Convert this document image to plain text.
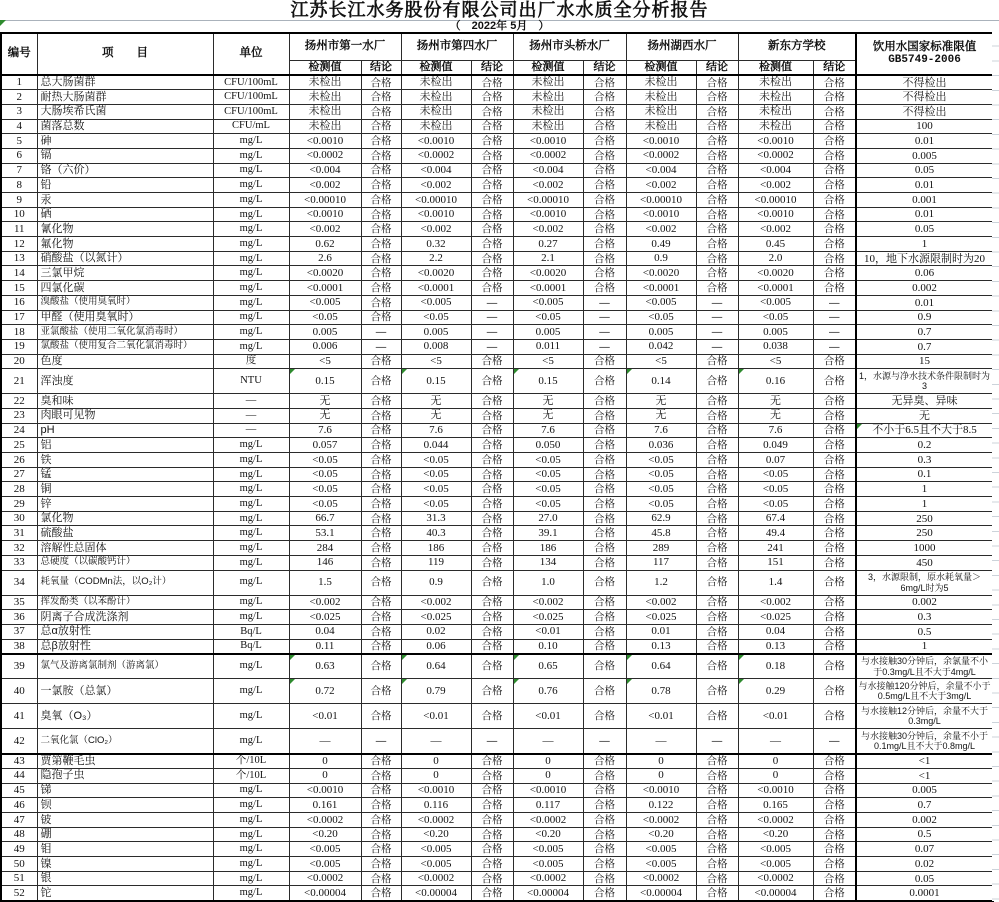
江苏长江水务股份有限公司出厂水水质全分析报告
（　2022年 5月　）
编号	项　　目	单位	扬州市第一水厂		扬州市第四水厂		扬州市头桥水厂		扬州湖西水厂		新东方学校		饮用水国家标准限值
GB5749-2006

			检测值	结论	检测值	结论	检测值	结论	检测值	结论	检测值	结论	
1	总大肠菌群	CFU/100mL	未检出	合格	未检出	合格	未检出	合格	未检出	合格	未检出	合格	不得检出
2	耐热大肠菌群	CFU/100mL	未检出	合格	未检出	合格	未检出	合格	未检出	合格	未检出	合格	不得检出
3	大肠埃希氏菌	CFU/100mL	未检出	合格	未检出	合格	未检出	合格	未检出	合格	未检出	合格	不得检出
4	菌落总数	CFU/mL	未检出	合格	未检出	合格	未检出	合格	未检出	合格	未检出	合格	100
5	砷	mg/L	<0.0010	合格	<0.0010	合格	<0.0010	合格	<0.0010	合格	<0.0010	合格	0.01
6	镉	mg/L	<0.0002	合格	<0.0002	合格	<0.0002	合格	<0.0002	合格	<0.0002	合格	0.005
7	铬（六价）	mg/L	<0.004	合格	<0.004	合格	<0.004	合格	<0.004	合格	<0.004	合格	0.05
8	铅	mg/L	<0.002	合格	<0.002	合格	<0.002	合格	<0.002	合格	<0.002	合格	0.01
9	汞	mg/L	<0.00010	合格	<0.00010	合格	<0.00010	合格	<0.00010	合格	<0.00010	合格	0.001
10	硒	mg/L	<0.0010	合格	<0.0010	合格	<0.0010	合格	<0.0010	合格	<0.0010	合格	0.01
11	氰化物	mg/L	<0.002	合格	<0.002	合格	<0.002	合格	<0.002	合格	<0.002	合格	0.05
12	氟化物	mg/L	0.62	合格	0.32	合格	0.27	合格	0.49	合格	0.45	合格	1
13	硝酸盐（以氮计）	mg/L	2.6	合格	2.2	合格	2.1	合格	0.9	合格	2.0	合格	10，地下水源限制时为20
14	三氯甲烷	mg/L	<0.0020	合格	<0.0020	合格	<0.0020	合格	<0.0020	合格	<0.0020	合格	0.06
15	四氯化碳	mg/L	<0.0001	合格	<0.0001	合格	<0.0001	合格	<0.0001	合格	<0.0001	合格	0.002
16	溴酸盐（使用臭氧时）	mg/L	<0.005	合格	<0.005	—	<0.005	—	<0.005	—	<0.005	—	0.01
17	甲醛（使用臭氧时）	mg/L	<0.05	合格	<0.05	—	<0.05	—	<0.05	—	<0.05	—	0.9
18	亚氯酸盐（使用二氧化氯消毒时）	mg/L	0.005	—	0.005	—	0.005	—	0.005	—	0.005	—	0.7
19	氯酸盐（使用复合二氧化氯消毒时）	mg/L	0.006	—	0.008	—	0.011	—	0.042	—	0.038	—	0.7
20	色度	度	<5	合格	<5	合格	<5	合格	<5	合格	<5	合格	15
21	浑浊度	NTU	0.15	合格	0.15	合格	0.15	合格	0.14	合格	0.16	合格	1，水源与净水技术条件限制时为3
22	臭和味	—	无	合格	无	合格	无	合格	无	合格	无	合格	无异臭、异味
23	肉眼可见物	—	无	合格	无	合格	无	合格	无	合格	无	合格	无
24	pH	—	7.6	合格	7.6	合格	7.6	合格	7.6	合格	7.6	合格	不小于6.5且不大于8.5
25	铝	mg/L	0.057	合格	0.044	合格	0.050	合格	0.036	合格	0.049	合格	0.2
26	铁	mg/L	<0.05	合格	<0.05	合格	<0.05	合格	<0.05	合格	0.07	合格	0.3
27	锰	mg/L	<0.05	合格	<0.05	合格	<0.05	合格	<0.05	合格	<0.05	合格	0.1
28	铜	mg/L	<0.05	合格	<0.05	合格	<0.05	合格	<0.05	合格	<0.05	合格	1
29	锌	mg/L	<0.05	合格	<0.05	合格	<0.05	合格	<0.05	合格	<0.05	合格	1
30	氯化物	mg/L	66.7	合格	31.3	合格	27.0	合格	62.9	合格	67.4	合格	250
31	硫酸盐	mg/L	53.1	合格	40.3	合格	39.1	合格	45.8	合格	49.4	合格	250
32	溶解性总固体	mg/L	284	合格	186	合格	186	合格	289	合格	241	合格	1000
33	总硬度（以碳酸钙计）	mg/L	146	合格	119	合格	134	合格	117	合格	151	合格	450
34	耗氧量（CODMn法，以O₂计）	mg/L	1.5	合格	0.9	合格	1.0	合格	1.2	合格	1.4	合格	3，水源限制，原水耗氧量＞6mg/L时为5
35	挥发酚类（以苯酚计）	mg/L	<0.002	合格	<0.002	合格	<0.002	合格	<0.002	合格	<0.002	合格	0.002
36	阴离子合成洗涤剂	mg/L	<0.025	合格	<0.025	合格	<0.025	合格	<0.025	合格	<0.025	合格	0.3
37	总α放射性	Bq/L	0.04	合格	0.02	合格	<0.01	合格	0.01	合格	0.04	合格	0.5
38	总β放射性	Bq/L	0.11	合格	0.06	合格	0.10	合格	0.13	合格	0.13	合格	1
39	氯气及游离氯制剂（游离氯）	mg/L	0.63	合格	0.64	合格	0.65	合格	0.64	合格	0.18	合格	与水接触30分钟后，余氯量不小于0.3mg/L且不大于4mg/L
40	一氯胺（总氯）	mg/L	0.72	合格	0.79	合格	0.76	合格	0.78	合格	0.29	合格	与水接触120分钟后，余量不小于0.5mg/L且不大于3mg/L
41	臭氧（O₃）	mg/L	<0.01	合格	<0.01	合格	<0.01	合格	<0.01	合格	<0.01	合格	与水接触12分钟后，余量不大于0.3mg/L
42	二氧化氯（ClO₂）	mg/L	—	—	—	—	—	—	—	—	—	—	与水接触30分钟后，余量不小于0.1mg/L且不大于0.8mg/L
43	贾第鞭毛虫	个/10L	0	合格	0	合格	0	合格	0	合格	0	合格	<1
44	隐孢子虫	个/10L	0	合格	0	合格	0	合格	0	合格	0	合格	<1
45	锑	mg/L	<0.0010	合格	<0.0010	合格	<0.0010	合格	<0.0010	合格	<0.0010	合格	0.005
46	钡	mg/L	0.161	合格	0.116	合格	0.117	合格	0.122	合格	0.165	合格	0.7
47	铍	mg/L	<0.0002	合格	<0.0002	合格	<0.0002	合格	<0.0002	合格	<0.0002	合格	0.002
48	硼	mg/L	<0.20	合格	<0.20	合格	<0.20	合格	<0.20	合格	<0.20	合格	0.5
49	钼	mg/L	<0.005	合格	<0.005	合格	<0.005	合格	<0.005	合格	<0.005	合格	0.07
50	镍	mg/L	<0.005	合格	<0.005	合格	<0.005	合格	<0.005	合格	<0.005	合格	0.02
51	银	mg/L	<0.0002	合格	<0.0002	合格	<0.0002	合格	<0.0002	合格	<0.0002	合格	0.05
52	铊	mg/L	<0.00004	合格	<0.00004	合格	<0.00004	合格	<0.00004	合格	<0.00004	合格	0.0001
